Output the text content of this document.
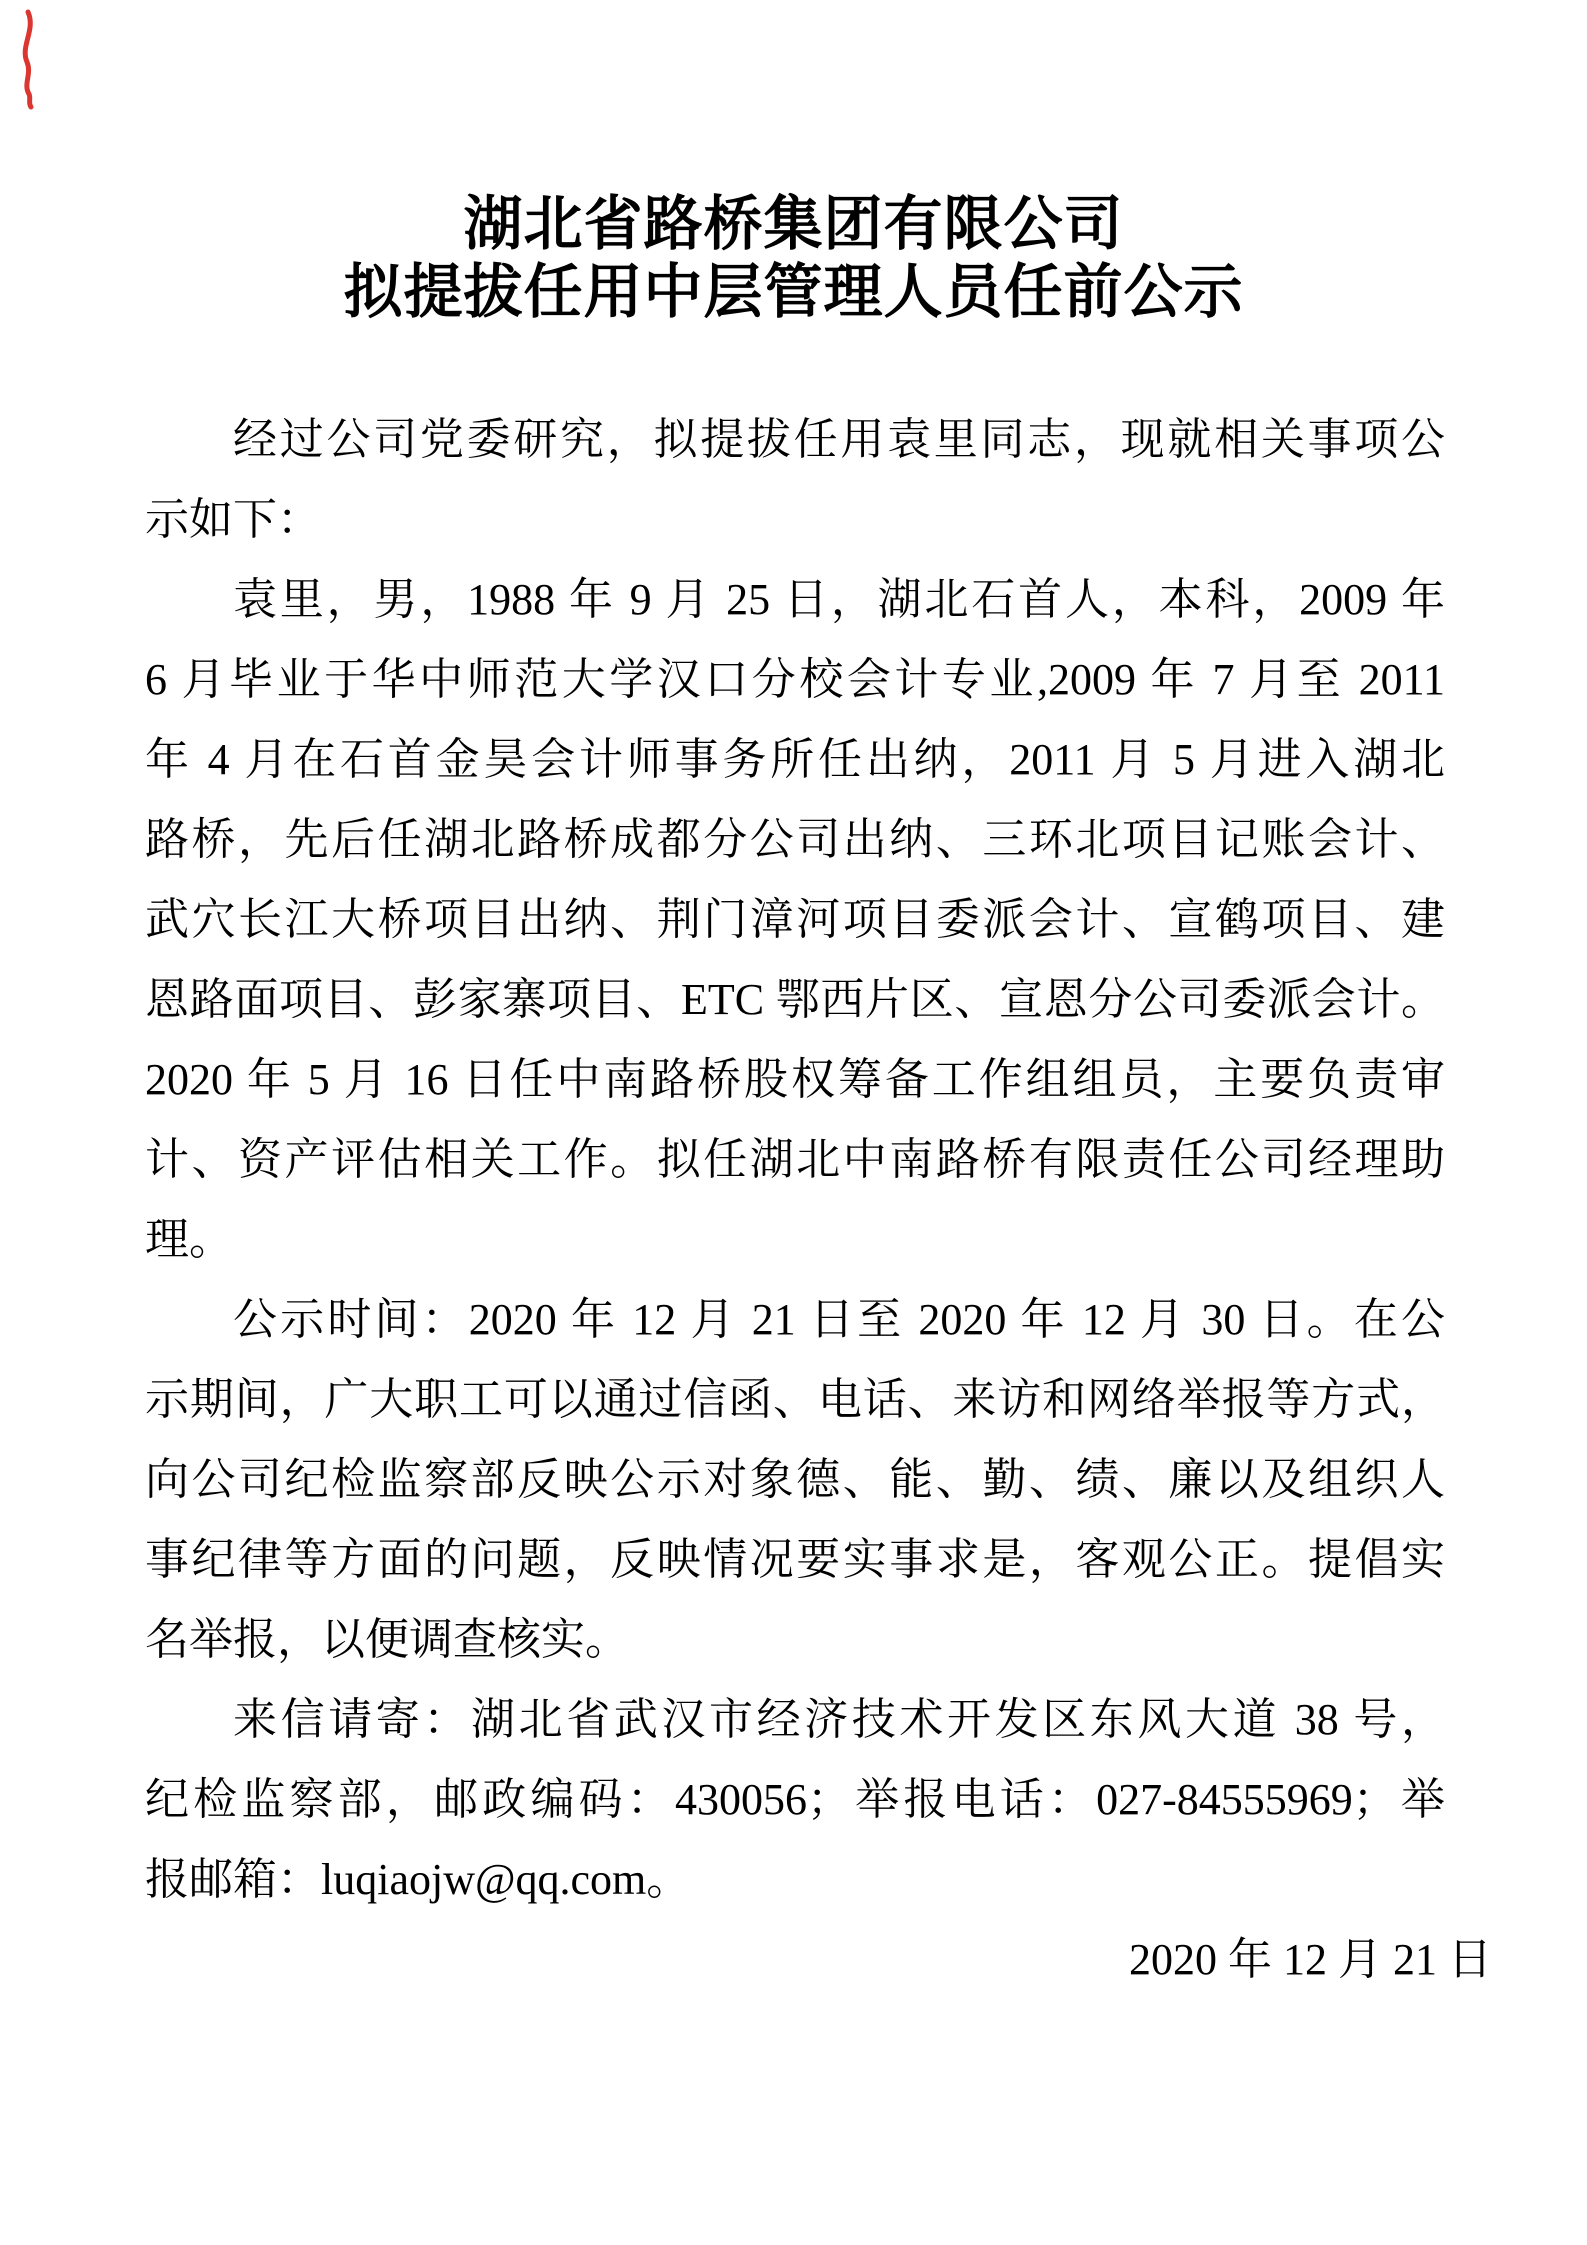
湖北省路桥集团有限公司
拟提拔任用中层管理人员任前公示
经过公司党委研究，拟提拔任用袁里同志，现就相关事项公
示如下：
袁里，男，1988 年 9 月 25 日，湖北石首人，本科，2009 年
6 月毕业于华中师范大学汉口分校会计专业,2009 年 7 月至 2011
年 4 月在石首金昊会计师事务所任出纳，2011 月 5 月进入湖北
路桥，先后任湖北路桥成都分公司出纳、三环北项目记账会计、
武穴长江大桥项目出纳、荆门漳河项目委派会计、宣鹤项目、建
恩路面项目、彭家寨项目、ETC 鄂西片区、宣恩分公司委派会计。
2020 年 5 月 16 日任中南路桥股权筹备工作组组员，主要负责审
计、资产评估相关工作。拟任湖北中南路桥有限责任公司经理助
理。
公示时间：2020 年 12 月 21 日至 2020 年 12 月 30 日。在公
示期间，广大职工可以通过信函、电话、来访和网络举报等方式，
向公司纪检监察部反映公示对象德、能、勤、绩、廉以及组织人
事纪律等方面的问题，反映情况要实事求是，客观公正。提倡实
名举报，以便调查核实。
来信请寄：湖北省武汉市经济技术开发区东风大道 38 号，
纪检监察部，邮政编码：430056；举报电话：027-84555969；举
报邮箱：luqiaojw@qq.com。
2020 年 12 月 21 日
